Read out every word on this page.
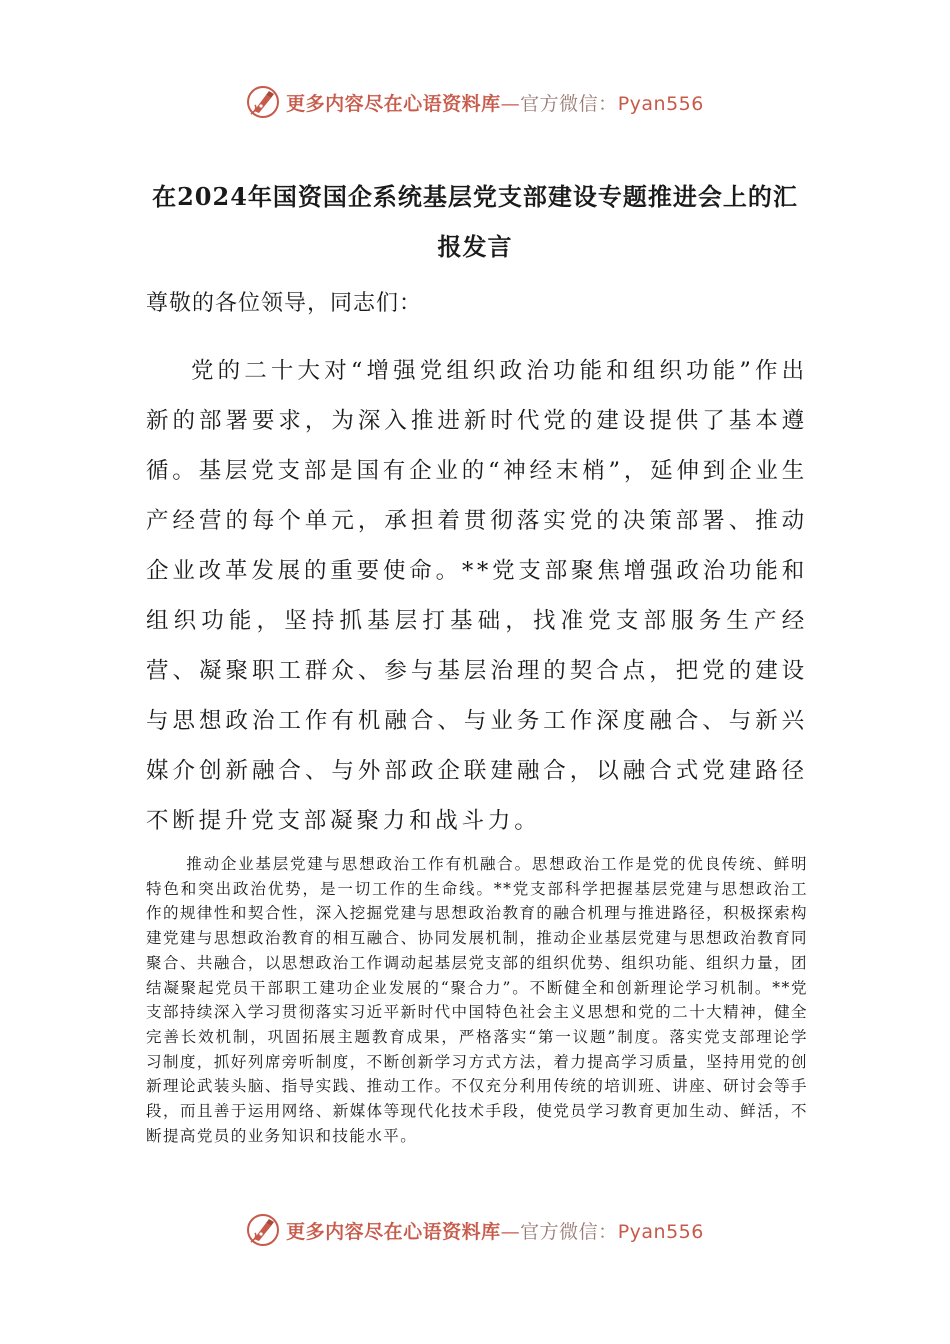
更多内容尽在心语资料库—官方微信：Pyan556
在2024年国资国企系统基层党支部建设专题推进会上的汇报发言
尊敬的各位领导，同志们：
党的二十大对“增强党组织政治功能和组织功能”作出新的部署要求，为深入推进新时代党的建设提供了基本遵循。基层党支部是国有企业的“神经末梢”，延伸到企业生产经营的每个单元，承担着贯彻落实党的决策部署、推动企业改革发展的重要使命。**党支部聚焦增强政治功能和组织功能，坚持抓基层打基础，找准党支部服务生产经营、凝聚职工群众、参与基层治理的契合点，把党的建设与思想政治工作有机融合、与业务工作深度融合、与新兴媒介创新融合、与外部政企联建融合，以融合式党建路径不断提升党支部凝聚力和战斗力。
推动企业基层党建与思想政治工作有机融合。思想政治工作是党的优良传统、鲜明特色和突出政治优势，是一切工作的生命线。**党支部科学把握基层党建与思想政治工作的规律性和契合性，深入挖掘党建与思想政治教育的融合机理与推进路径，积极探索构建党建与思想政治教育的相互融合、协同发展机制，推动企业基层党建与思想政治教育同聚合、共融合，以思想政治工作调动起基层党支部的组织优势、组织功能、组织力量，团结凝聚起党员干部职工建功企业发展的“聚合力”。不断健全和创新理论学习机制。**党支部持续深入学习贯彻落实习近平新时代中国特色社会主义思想和党的二十大精神，健全完善长效机制，巩固拓展主题教育成果，严格落实“第一议题”制度。落实党支部理论学习制度，抓好列席旁听制度，不断创新学习方式方法，着力提高学习质量，坚持用党的创新理论武装头脑、指导实践、推动工作。不仅充分利用传统的培训班、讲座、研讨会等手段，而且善于运用网络、新媒体等现代化技术手段，使党员学习教育更加生动、鲜活，不断提高党员的业务知识和技能水平。
更多内容尽在心语资料库—官方微信：Pyan556
